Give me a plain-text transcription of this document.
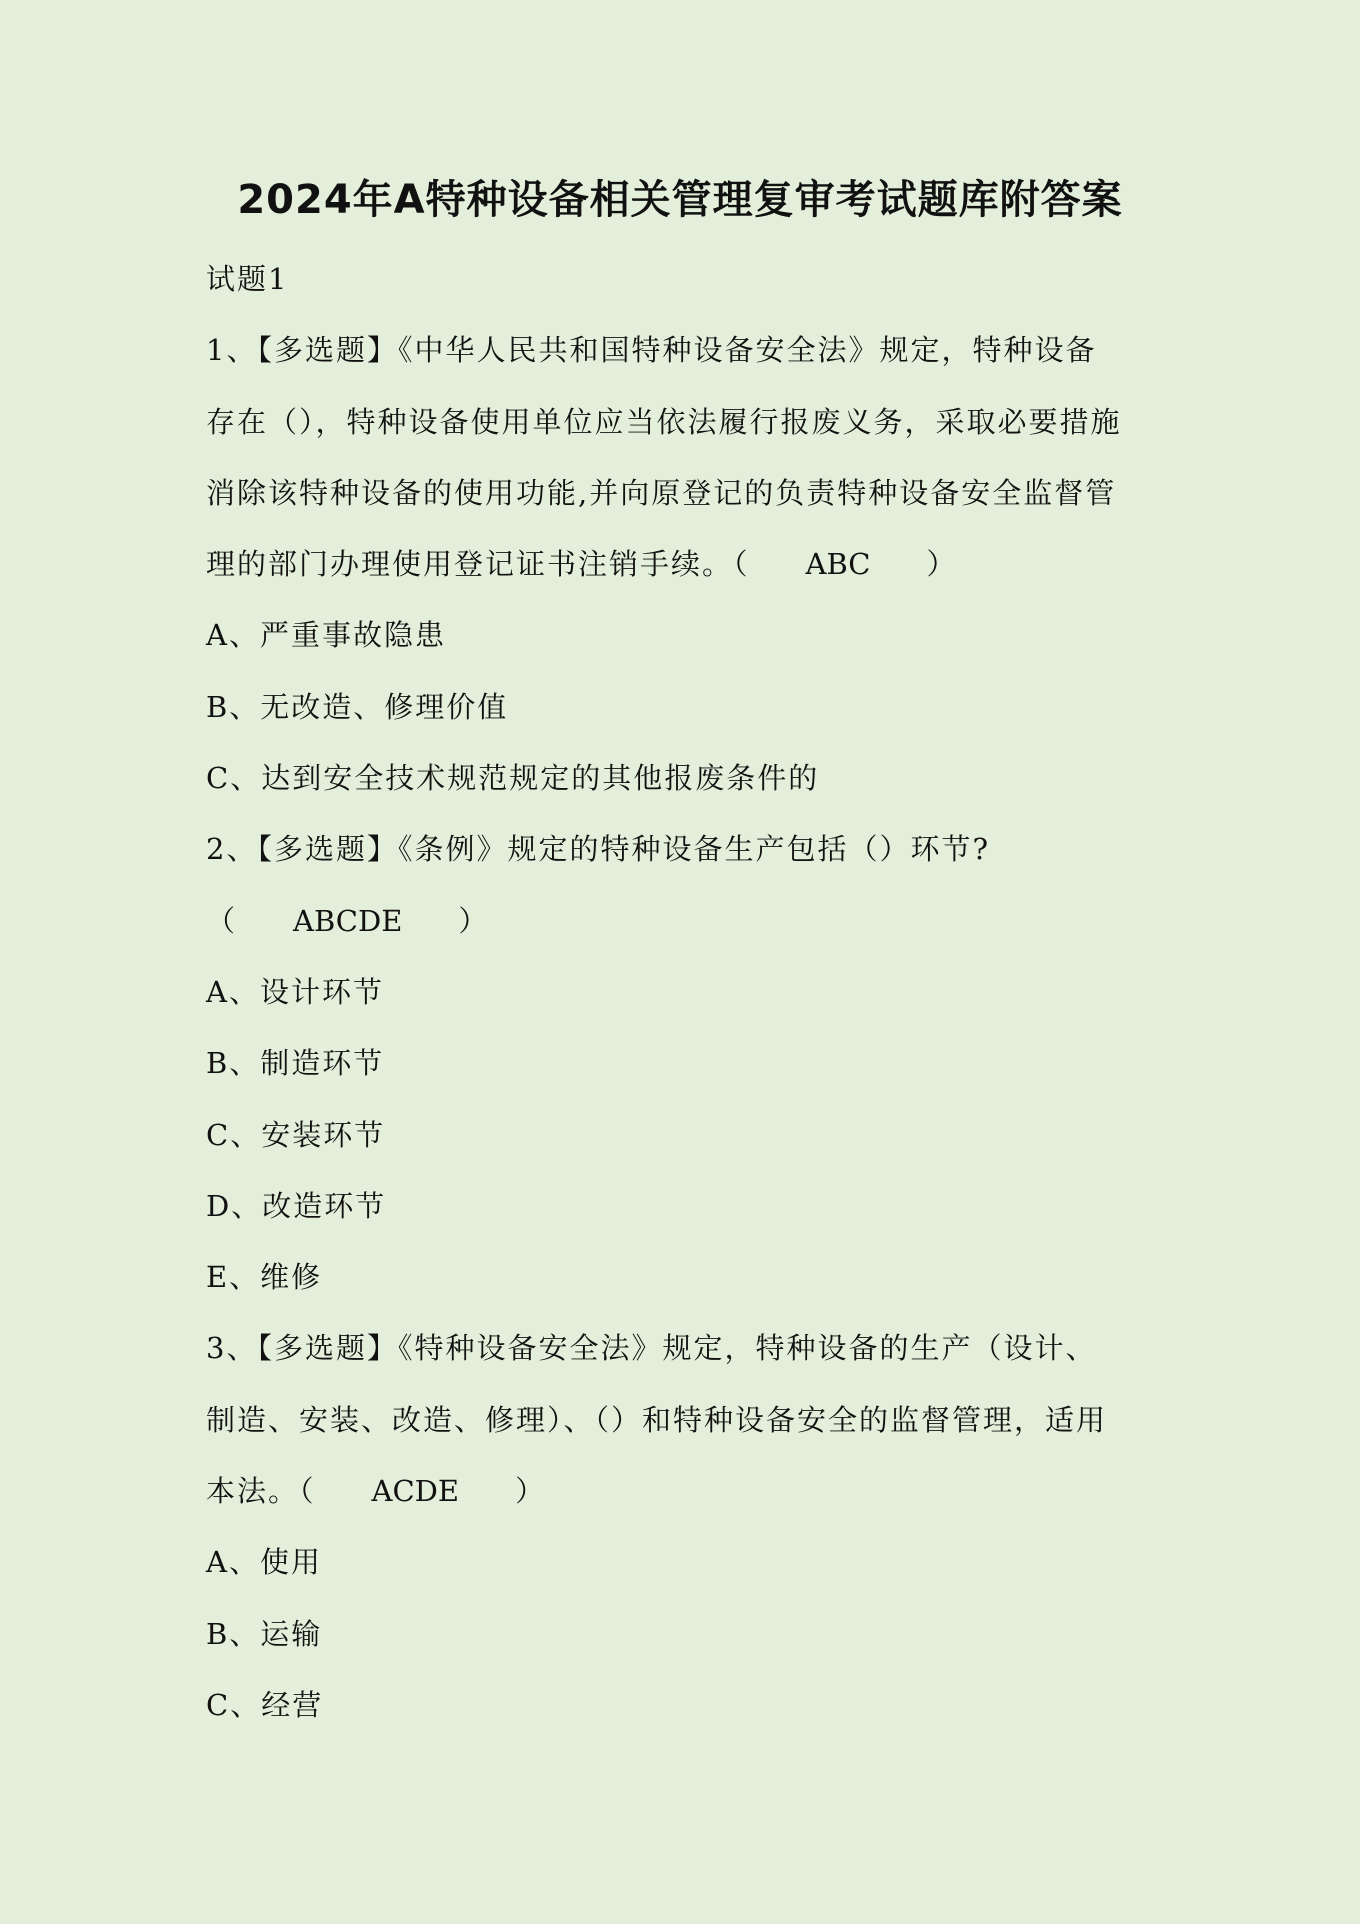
2024年A特种设备相关管理复审考试题库附答案
试题1
1、【多选题】《中华人民共和国特种设备安全法》规定，特种设备
存在（），特种设备使用单位应当依法履行报废义务，采取必要措施
消除该特种设备的使用功能,并向原登记的负责特种设备安全监督管
理的部门办理使用登记证书注销手续。（ ABC ）
A、严重事故隐患
B、无改造、修理价值
C、达到安全技术规范规定的其他报废条件的
2、【多选题】《条例》规定的特种设备生产包括（）环节?
（ ABCDE ）
A、设计环节
B、制造环节
C、安装环节
D、改造环节
E、维修
3、【多选题】《特种设备安全法》规定，特种设备的生产（设计、
制造、安装、改造、修理）、（）和特种设备安全的监督管理，适用
本法。（ ACDE ）
A、使用
B、运输
C、经营
